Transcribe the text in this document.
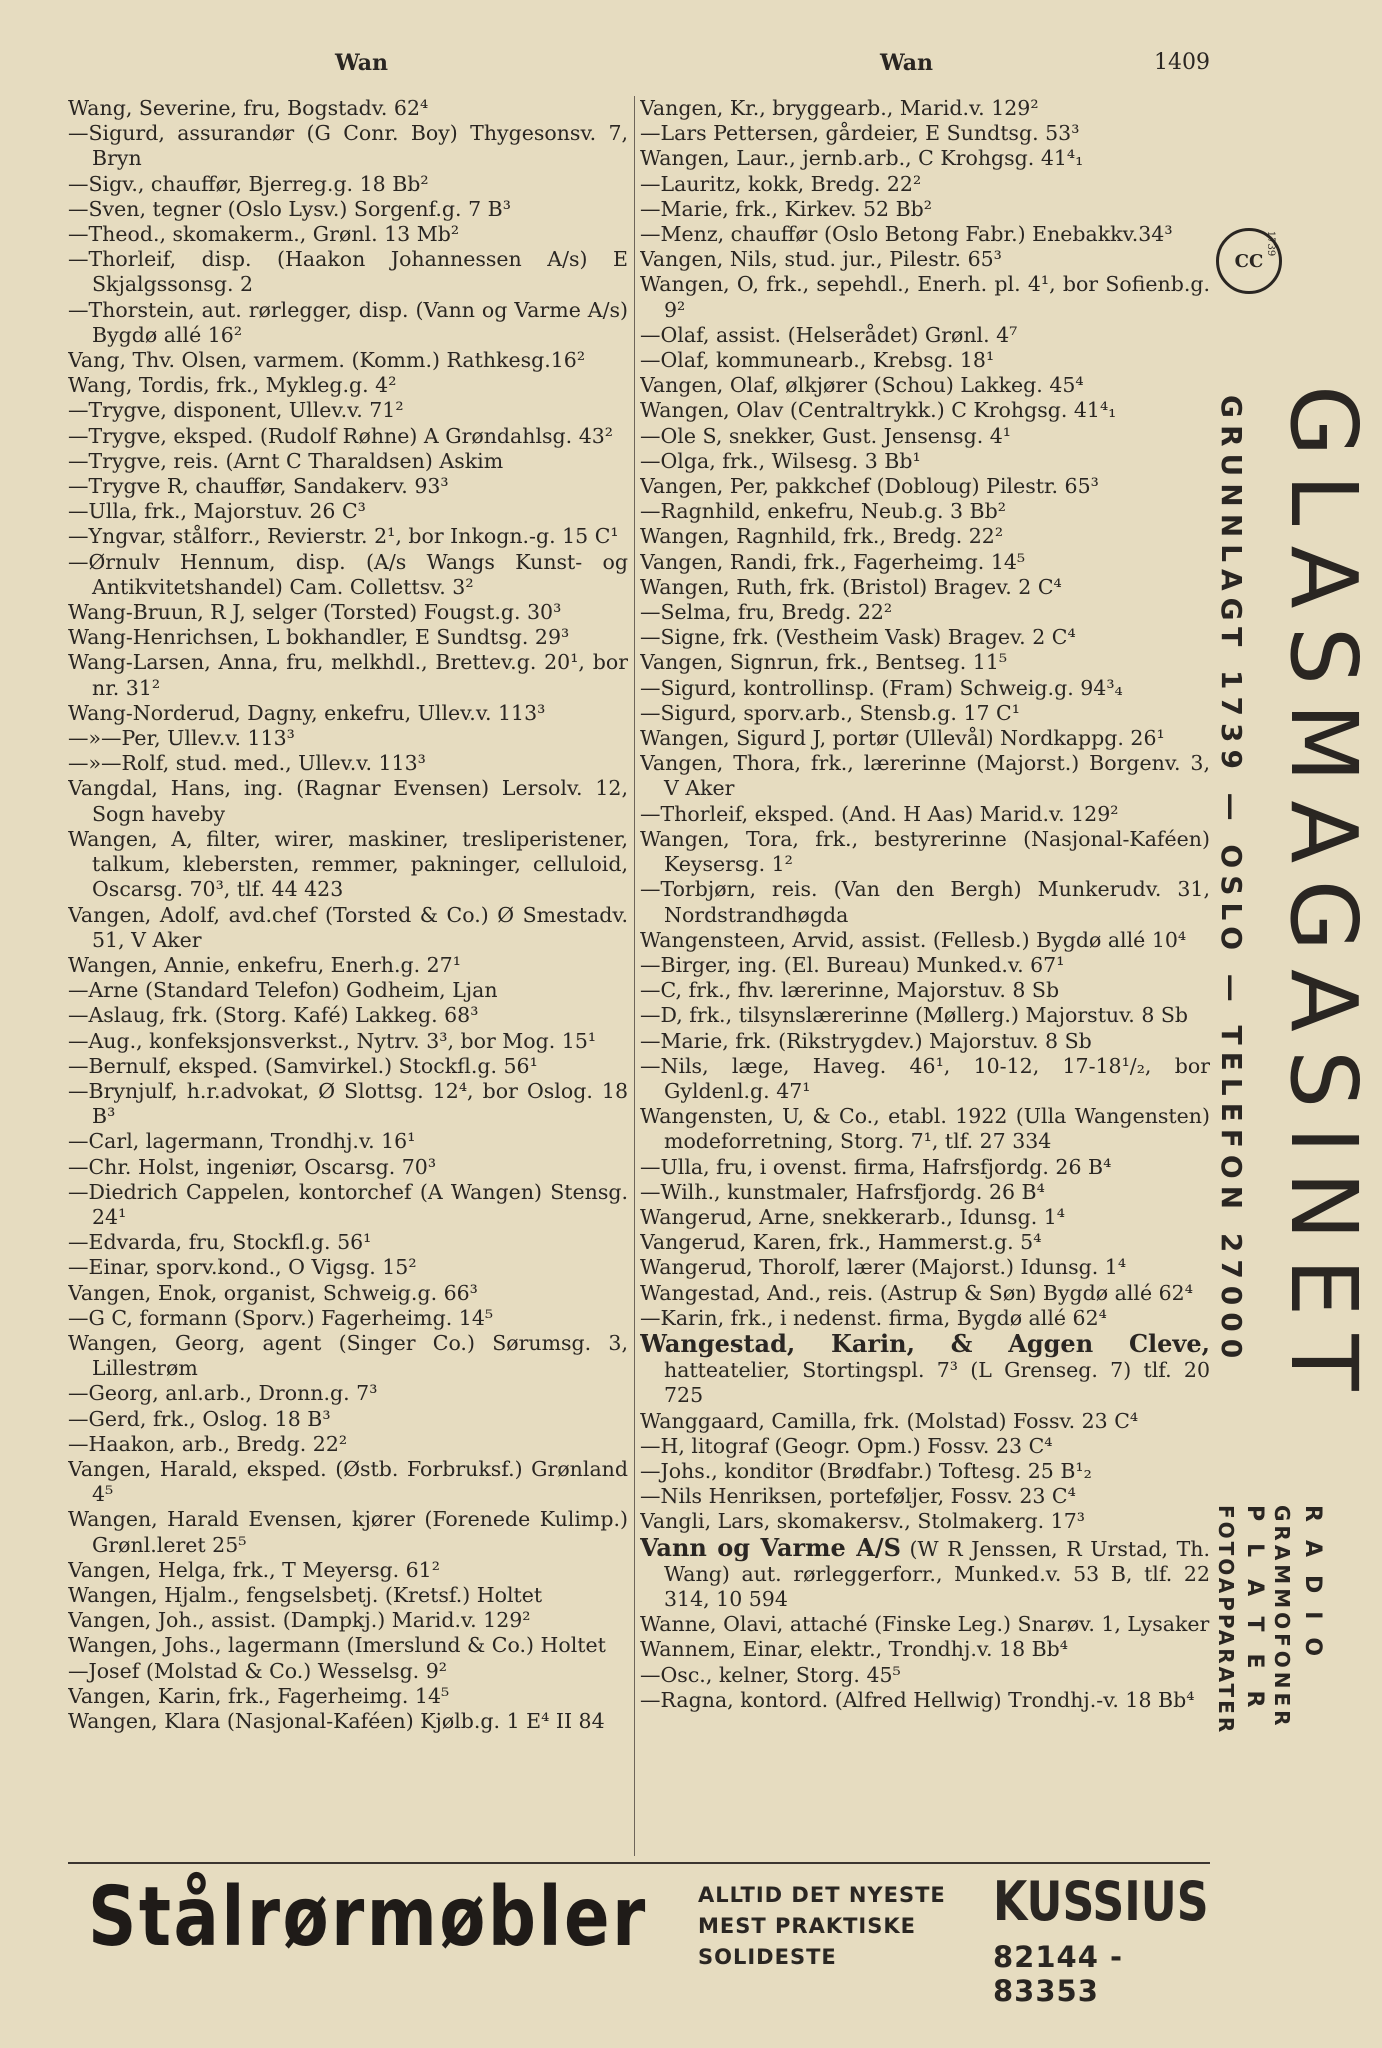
Wan	Wan	1409

Wang, Severine, fru, Bogstadv. 62⁴

—Sigurd, assurandør (G Conr. Boy) Thygesonsv. 7, Bryn

—Sigv., chauffør, Bjerreg.g. 18 Bb²

—Sven, tegner (Oslo Lysv.) Sorgenf.g. 7 B³

—Theod., skomakerm., Grønl. 13 Mb²

—Thorleif, disp. (Haakon Johannessen A/s) E Skjalgssonsg. 2

—Thorstein, aut. rørlegger, disp. (Vann og Varme A/s) Bygdø allé 16²

Vang, Thv. Olsen, varmem. (Komm.) Rathkesg.16²

Wang, Tordis, frk., Mykleg.g. 4²

—Trygve, disponent, Ullev.v. 71²

—Trygve, eksped. (Rudolf Røhne) A Grøndahlsg. 43²

—Trygve, reis. (Arnt C Tharaldsen) Askim

—Trygve R, chauffør, Sandakerv. 93³

—Ulla, frk., Majorstuv. 26 C³

—Yngvar, stålforr., Revierstr. 2¹, bor Inkogn.-g. 15 C¹

—Ørnulv Hennum, disp. (A/s Wangs Kunst- og Antikvitetshandel) Cam. Collettsv. 3²

Wang-Bruun, R J, selger (Torsted) Fougst.g. 30³

Wang-Henrichsen, L bokhandler, E Sundtsg. 29³

Wang-Larsen, Anna, fru, melkhdl., Brettev.g. 20¹, bor nr. 31²

Wang-Norderud, Dagny, enkefru, Ullev.v. 113³

—»—Per, Ullev.v. 113³

—»—Rolf, stud. med., Ullev.v. 113³

Vangdal, Hans, ing. (Ragnar Evensen) Lersolv. 12, Sogn haveby

Wangen, A, filter, wirer, maskiner, tresliperistener, talkum, klebersten, remmer, pakninger, celluloid, Oscarsg. 70³, tlf. 44 423

Vangen, Adolf, avd.chef (Torsted & Co.) Ø Smestadv. 51, V Aker

Wangen, Annie, enkefru, Enerh.g. 27¹

—Arne (Standard Telefon) Godheim, Ljan

—Aslaug, frk. (Storg. Kafé) Lakkeg. 68³

—Aug., konfeksjonsverkst., Nytrv. 3³, bor Mog. 15¹

—Bernulf, eksped. (Samvirkel.) Stockfl.g. 56¹

—Brynjulf, h.r.advokat, Ø Slottsg. 12⁴, bor Oslog. 18 B³

—Carl, lagermann, Trondhj.v. 16¹

—Chr. Holst, ingeniør, Oscarsg. 70³

—Diedrich Cappelen, kontorchef (A Wangen) Stensg. 24¹

—Edvarda, fru, Stockfl.g. 56¹

—Einar, sporv.kond., O Vigsg. 15²

Vangen, Enok, organist, Schweig.g. 66³

—G C, formann (Sporv.) Fagerheimg. 14⁵

Wangen, Georg, agent (Singer Co.) Sørumsg. 3, Lillestrøm

—Georg, anl.arb., Dronn.g. 7³

—Gerd, frk., Oslog. 18 B³

—Haakon, arb., Bredg. 22²

Vangen, Harald, eksped. (Østb. Forbruksf.) Grønland 4⁵

Wangen, Harald Evensen, kjører (Forenede Kulimp.) Grønl.leret 25⁵

Vangen, Helga, frk., T Meyersg. 61²

Wangen, Hjalm., fengselsbetj. (Kretsf.) Holtet

Vangen, Joh., assist. (Dampkj.) Marid.v. 129²

Wangen, Johs., lagermann (Imerslund & Co.) Holtet

—Josef (Molstad & Co.) Wesselsg. 9²

Vangen, Karin, frk., Fagerheimg. 14⁵

Wangen, Klara (Nasjonal-Kaféen) Kjølb.g. 1 E⁴ II 84

Vangen, Kr., bryggearb., Marid.v. 129²

—Lars Pettersen, gårdeier, E Sundtsg. 53³

Wangen, Laur., jernb.arb., C Krohgsg. 41⁴₁

—Lauritz, kokk, Bredg. 22²

—Marie, frk., Kirkev. 52 Bb²

—Menz, chauffør (Oslo Betong Fabr.) Enebakkv.34³

Vangen, Nils, stud. jur., Pilestr. 65³

Wangen, O, frk., sepehdl., Enerh. pl. 4¹, bor Sofienb.g. 9²

—Olaf, assist. (Helserådet) Grønl. 4⁷

—Olaf, kommunearb., Krebsg. 18¹

Vangen, Olaf, ølkjører (Schou) Lakkeg. 45⁴

Wangen, Olav (Centraltrykk.) C Krohgsg. 41⁴₁

—Ole S, snekker, Gust. Jensensg. 4¹

—Olga, frk., Wilsesg. 3 Bb¹

Vangen, Per, pakkchef (Dobloug) Pilestr. 65³

—Ragnhild, enkefru, Neub.g. 3 Bb²

Wangen, Ragnhild, frk., Bredg. 22²

Vangen, Randi, frk., Fagerheimg. 14⁵

Wangen, Ruth, frk. (Bristol) Bragev. 2 C⁴

—Selma, fru, Bredg. 22²

—Signe, frk. (Vestheim Vask) Bragev. 2 C⁴

Vangen, Signrun, frk., Bentseg. 11⁵

—Sigurd, kontrollinsp. (Fram) Schweig.g. 94³₄

—Sigurd, sporv.arb., Stensb.g. 17 C¹

Wangen, Sigurd J, portør (Ullevål) Nordkappg. 26¹

Vangen, Thora, frk., lærerinne (Majorst.) Borgenv. 3, V Aker

—Thorleif, eksped. (And. H Aas) Marid.v. 129²

Wangen, Tora, frk., bestyrerinne (Nasjonal-Kaféen) Keysersg. 1²

—Torbjørn, reis. (Van den Bergh) Munkerudv. 31, Nordstrandhøgda

Wangensteen, Arvid, assist. (Fellesb.) Bygdø allé 10⁴

—Birger, ing. (El. Bureau) Munked.v. 67¹

—C, frk., fhv. lærerinne, Majorstuv. 8 Sb

—D, frk., tilsynslærerinne (Møllerg.) Majorstuv. 8 Sb

—Marie, frk. (Rikstrygdev.) Majorstuv. 8 Sb

—Nils, læge, Haveg. 46¹, 10-12, 17-18¹/₂, bor Gyldenl.g. 47¹

Wangensten, U, & Co., etabl. 1922 (Ulla Wangensten) modeforretning, Storg. 7¹, tlf. 27 334

—Ulla, fru, i ovenst. firma, Hafrsfjordg. 26 B⁴

—Wilh., kunstmaler, Hafrsfjordg. 26 B⁴

Wangerud, Arne, snekkerarb., Idunsg. 1⁴

Vangerud, Karen, frk., Hammerst.g. 5⁴

Wangerud, Thorolf, lærer (Majorst.) Idunsg. 1⁴

Wangestad, And., reis. (Astrup & Søn) Bygdø allé 62⁴

—Karin, frk., i nedenst. firma, Bygdø allé 62⁴

Wangestad, Karin, & Aggen Cleve, hatteatelier, Stortingspl. 7³ (L Grenseg. 7) tlf. 20 725

Wanggaard, Camilla, frk. (Molstad) Fossv. 23 C⁴

—H, litograf (Geogr. Opm.) Fossv. 23 C⁴

—Johs., konditor (Brødfabr.) Toftesg. 25 B¹₂

—Nils Henriksen, porteføljer, Fossv. 23 C⁴

Vangli, Lars, skomakersv., Stolmakerg. 17³

Vann og Varme A/S (W R Jenssen, R Urstad, Th. Wang) aut. rørleggerforr., Munked.v. 53 B, tlf. 22 314, 10 594

Wanne, Olavi, attaché (Finske Leg.) Snarøv. 1, Lysaker

Wannem, Einar, elektr., Trondhj.v. 18 Bb⁴

—Osc., kelner, Storg. 45⁵

—Ragna, kontord. (Alfred Hellwig) Trondhj.-v. 18 Bb⁴

CC
1739
GLASMAGASINET
GRUNNLAGT 1739 — OSLO — TELEFON 27000
RADIO
GRAMMOFONER
PLATER
FOTOAPPARATER
Stålrørmøbler ALLTID DET NYESTE
MEST PRAKTISKE
SOLIDESTE
KUSSIUS
82144 - 83353
